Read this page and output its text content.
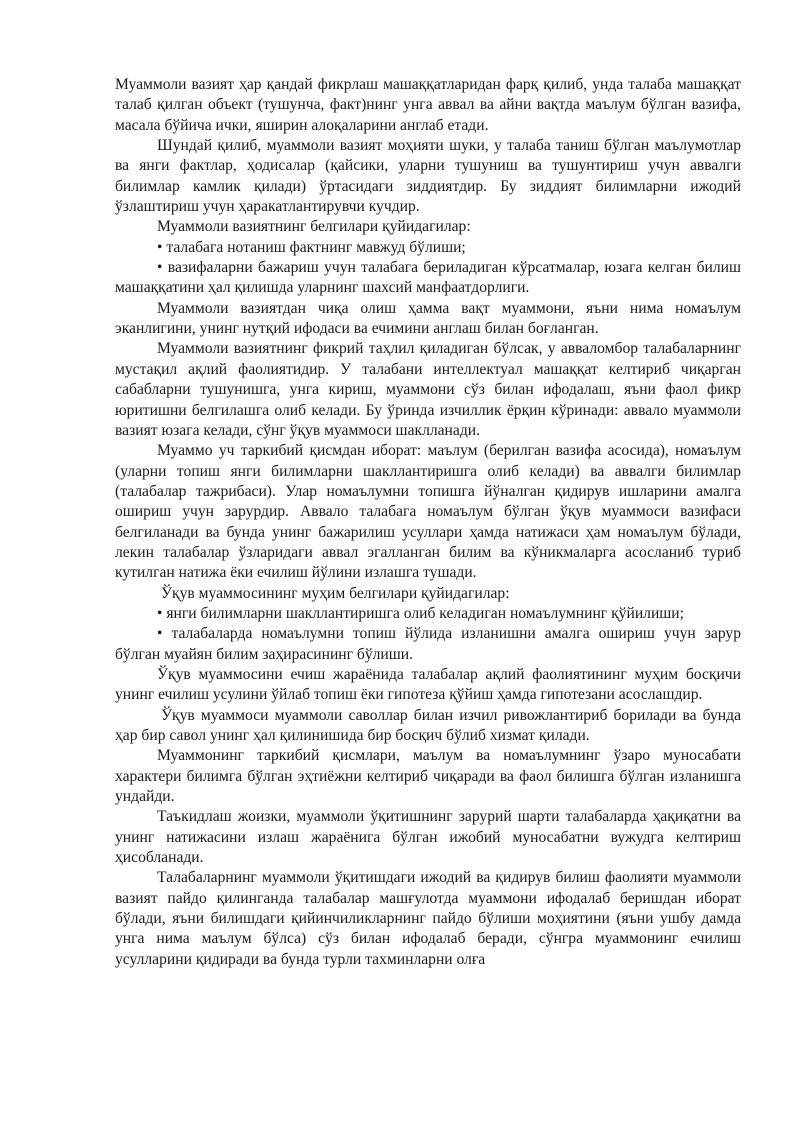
Муаммоли вазият ҳар қандай фикрлаш машаққатларидан фарқ қилиб, унда талаба машаққат талаб қилган объект (тушунча, факт)нинг унга аввал ва айни вақтда маълум бўлган вазифа, масала бўйича ички, яширин алоқаларини англаб етади.

Шундай қилиб, муаммоли вазият моҳияти шуки, у талаба таниш бўлган маълумотлар ва янги фактлар, ҳодисалар (қайсики, уларни тушуниш ва тушунтириш учун аввалги билимлар камлик қилади) ўртасидаги зиддиятдир. Бу зиддият билимларни ижодий ўзлаштириш учун ҳаракатлантирувчи кучдир.

Муаммоли вазиятнинг белгилари қуйидагилар:

• талабага нотаниш фактнинг мавжуд бўлиши;

• вазифаларни бажариш учун талабага бериладиган кўрсатмалар, юзага келган билиш машаққатини ҳал қилишда уларнинг шахсий манфаатдорлиги.

Муаммоли вазиятдан чиқа олиш ҳамма вақт муаммони, яъни нима номаълум эканлигини, унинг нутқий ифодаси ва ечимини англаш билан боғланган.

Муаммоли вазиятнинг фикрий таҳлил қиладиган бўлсак, у авваломбор талабаларнинг мустақил ақлий фаолиятидир. У талабани интеллектуал машаққат келтириб чиқарган сабабларни тушунишга, унга кириш, муаммони сўз билан ифодалаш, яъни фаол фикр юритишни белгилашга олиб келади. Бу ўринда изчиллик ёрқин кўринади: аввало муаммоли вазият юзага келади, сўнг ўқув муаммоси шаклланади.

Муаммо уч таркибий қисмдан иборат: маълум (берилган вазифа асосида), номаълум (уларни топиш янги билимларни шакллантиришга олиб келади) ва аввалги билимлар (талабалар тажрибаси). Улар номаълумни топишга йўналган қидирув ишларини амалга ошириш учун зарурдир. Аввало талабага номаълум бўлган ўқув муаммоси вазифаси белгиланади ва бунда унинг бажарилиш усуллари ҳамда натижаси ҳам номаълум бўлади, лекин талабалар ўзларидаги аввал эгалланган билим ва кўникмаларга асосланиб туриб кутилган натижа ёки ечилиш йўлини излашга тушади.

Ўқув муаммосининг муҳим белгилари қуйидагилар:

• янги билимларни шакллантиришга олиб келадиган номаълумнинг қўйилиши;

• талабаларда номаълумни топиш йўлида изланишни амалга ошириш учун зарур бўлган муайян билим заҳирасининг бўлиши.

Ўқув муаммосини ечиш жараёнида талабалар ақлий фаолиятининг муҳим босқичи унинг ечилиш усулини ўйлаб топиш ёки гипотеза қўйиш ҳамда гипотезани асослашдир.

Ўқув муаммоси муаммоли саволлар билан изчил ривожлантириб борилади ва бунда ҳар бир савол унинг ҳал қилинишида бир босқич бўлиб хизмат қилади.

Муаммонинг таркибий қисмлари, маълум ва номаълумнинг ўзаро муносабати характери билимга бўлган эҳтиёжни келтириб чиқаради ва фаол билишга бўлган изланишга ундайди.

Таъкидлаш жоизки, муаммоли ўқитишнинг зарурий шарти талабаларда ҳақиқатни ва унинг натижасини излаш жараёнига бўлган ижобий муносабатни вужудга келтириш ҳисобланади.

Талабаларнинг муаммоли ўқитишдаги ижодий ва қидирув билиш фаолияти муаммоли вазият пайдо қилинганда талабалар машғулотда муаммони ифодалаб беришдан иборат бўлади, яъни билишдаги қийинчиликларнинг пайдо бўлиши моҳиятини (яъни ушбу дамда унга нима маълум бўлса) сўз билан ифодалаб беради, сўнгра муаммонинг ечилиш усулларини қидиради ва бунда турли тахминларни олға
